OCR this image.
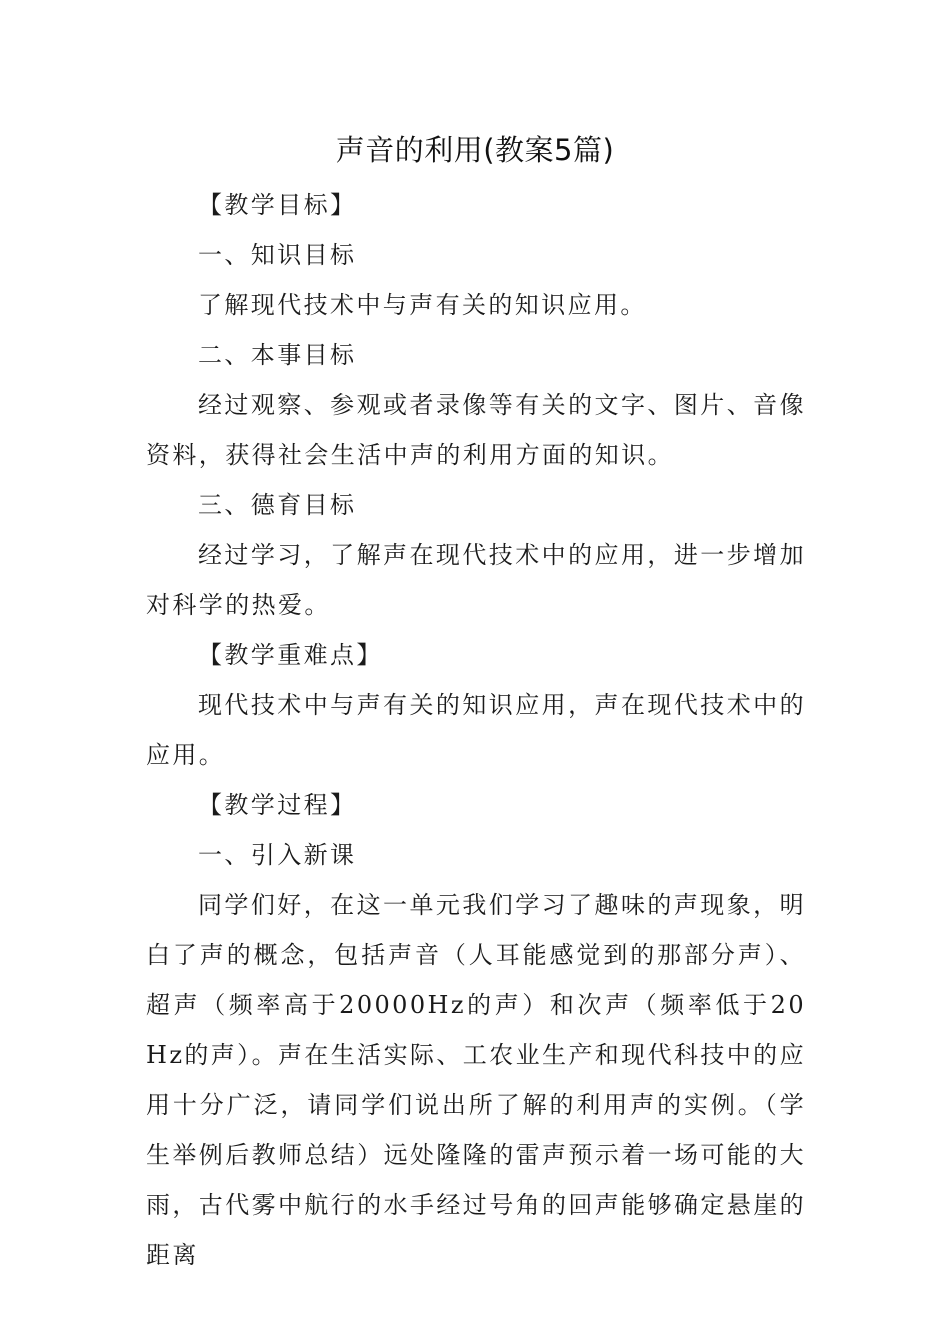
声音的利用(教案5篇)

【教学目标】

一、知识目标

了解现代技术中与声有关的知识应用。

二、本事目标

经过观察、参观或者录像等有关的文字、图片、音像资料，获得社会生活中声的利用方面的知识。

三、德育目标

经过学习，了解声在现代技术中的应用，进一步增加对科学的热爱。

【教学重难点】

现代技术中与声有关的知识应用，声在现代技术中的应用。

【教学过程】

一、引入新课

同学们好，在这一单元我们学习了趣味的声现象，明白了声的概念，包括声音（人耳能感觉到的那部分声）、超声（频率高于20000Hz的声）和次声（频率低于20Hz的声）。声在生活实际、工农业生产和现代科技中的应用十分广泛，请同学们说出所了解的利用声的实例。（学生举例后教师总结）远处隆隆的雷声预示着一场可能的大雨，古代雾中航行的水手经过号角的回声能够确定悬崖的距离
